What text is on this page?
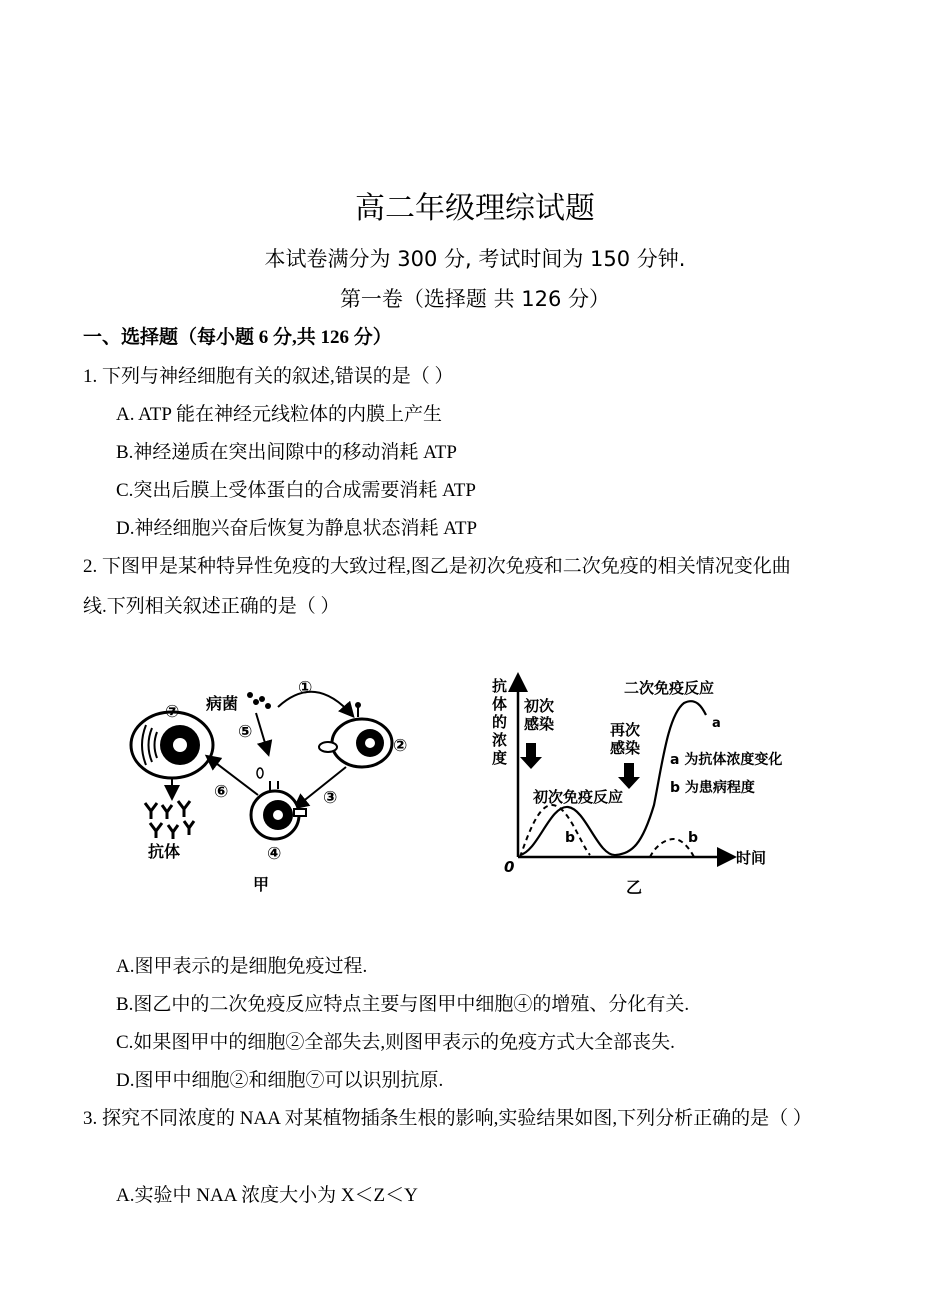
高二年级理综试题
本试卷满分为 300 分, 考试时间为 150 分钟.
第一卷（选择题 共 126 分）
一、选择题（每小题 6 分,共 126 分）
1. 下列与神经细胞有关的叙述,错误的是（ ）
A. ATP 能在神经元线粒体的内膜上产生
B.神经递质在突出间隙中的移动消耗 ATP
C.突出后膜上受体蛋白的合成需要消耗 ATP
D.神经细胞兴奋后恢复为静息状态消耗 ATP
2. 下图甲是某种特异性免疫的大致过程,图乙是初次免疫和二次免疫的相关情况变化曲
线.下列相关叙述正确的是（ ）
⑦
抗体
病菌
①
②
⑤
③
④
⑥
甲
抗
体
的
浓
度
0	时间
初次
感染	再次
感染
二次免疫反应
初次免疫反应
a 为抗体浓度变化
b 为患病程度
a
b	b
乙
A.图甲表示的是细胞免疫过程.
B.图乙中的二次免疫反应特点主要与图甲中细胞④的增殖、分化有关.
C.如果图甲中的细胞②全部失去,则图甲表示的免疫方式大全部丧失.
D.图甲中细胞②和细胞⑦可以识别抗原.
3. 探究不同浓度的 NAA 对某植物插条生根的影响,实验结果如图,下列分析正确的是（ ）
A.实验中 NAA 浓度大小为 X＜Z＜Y
